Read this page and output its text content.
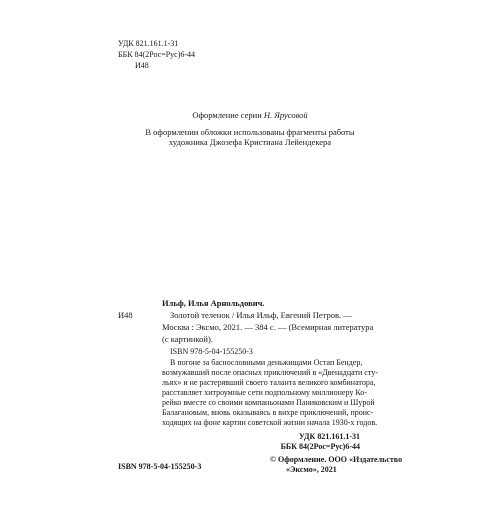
УДК 821.161.1-31
ББК 84(2Рос=Рус)6-44
И48
Оформление серии Н. Ярусовой
В оформлении обложки использованы фрагменты работы
художника Джозефа Кристиана Лейендекера
Ильф, Илья Арнольдович.
И48	Золотой теленок / Илья Ильф, Евгений Петров. —
Москва : Эксмо, 2021. — 384 с. — (Всемирная литература
(с картинкой).
ISBN 978-5-04-155250-3
В погоне за баснословными деньжищами Остап Бендер,
возмужавший после опасных приключений в «Двенадцати сту-
льях» и не растерявший своего таланта великого комбинатора,
расставляет хитроумные сети подпольному миллионеру Ко-
рейко вместе со своими компаньонами Паниковским и Шурой
Балагановым, вновь оказываясь в вихре приключений, проис-
ходящих на фоне картин советской жизни начала 1930-х годов.
УДК 821.161.1-31
ББК 84(2Рос=Рус)6-44
ISBN 978-5-04-155250-3
© Оформление. ООО «Издательство
«Эксмо», 2021
